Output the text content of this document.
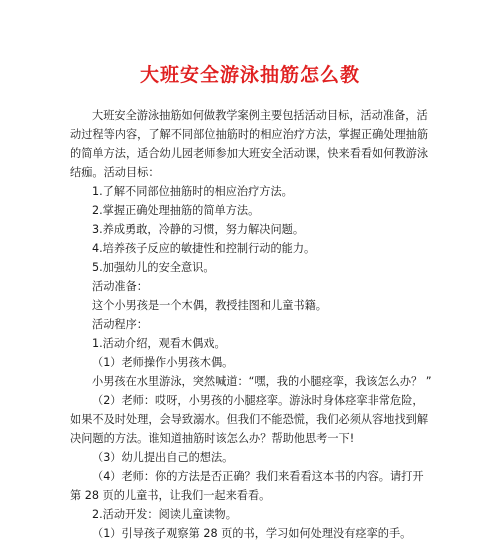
大班安全游泳抽筋怎么教

大班安全游泳抽筋如何做教学案例主要包括活动目标，活动准备，活动过程等内容，了解不同部位抽筋时的相应治疗方法，掌握正确处理抽筋的简单方法，适合幼儿园老师参加大班安全活动课，快来看看如何教游泳结痂。活动目标：

1.了解不同部位抽筋时的相应治疗方法。

2.掌握正确处理抽筋的简单方法。

3.养成勇敢，冷静的习惯，努力解决问题。

4.培养孩子反应的敏捷性和控制行动的能力。

5.加强幼儿的安全意识。

活动准备：

这个小男孩是一个木偶，教授挂图和儿童书籍。

活动程序：

1.活动介绍，观看木偶戏。

（1）老师操作小男孩木偶。

小男孩在水里游泳，突然喊道：“嘿，我的小腿痉挛，我该怎么办？ ”

（2）老师：哎呀，小男孩的小腿痉挛。游泳时身体痉挛非常危险，如果不及时处理，会导致溺水。但我们不能恐慌，我们必须从容地找到解决问题的方法。谁知道抽筋时该怎么办？帮助他思考一下!

（3）幼儿提出自己的想法。

（4）老师：你的方法是否正确？我们来看看这本书的内容。请打开第 28 页的儿童书，让我们一起来看看。

2.活动开发：阅读儿童读物。

（1）引导孩子观察第 28 页的书，学习如何处理没有痉挛的手。
